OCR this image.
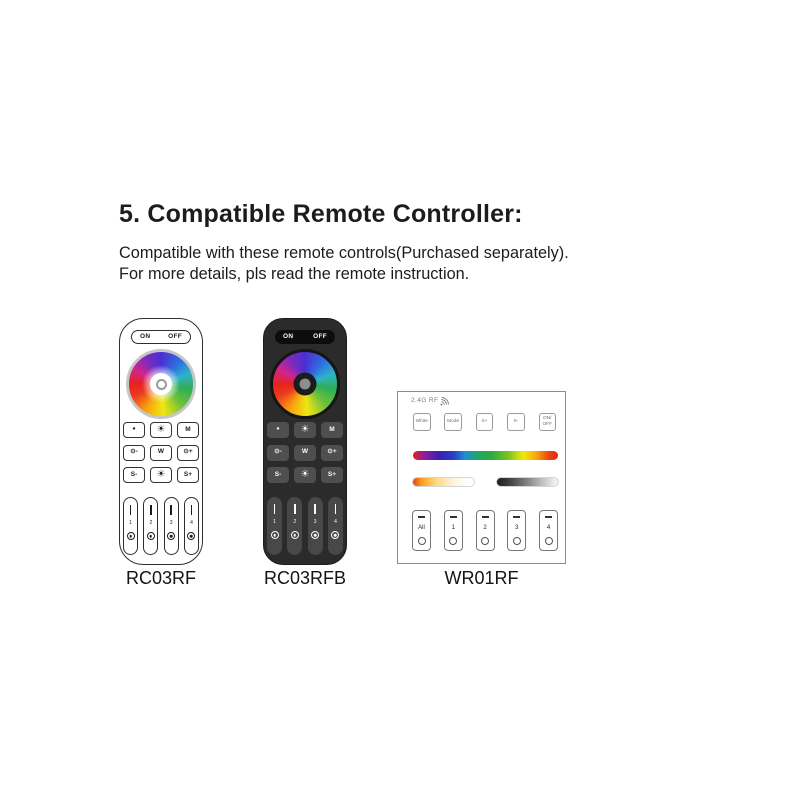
5. Compatible Remote Controller:
Compatible with these remote controls(Purchased separately).
For more details, pls read the remote instruction.
ON	OFF
●	☀	M
⊙-	W	⊙+
S-	☀	S+
1	2	3	4
ON	OFF
●	☀	M
⊙-	W	⊙+
S-	☀	S+
1	2	3	4
2.4G RF
White	Mode	S+	S-
ON/
OFF
All	1	2	3	4
RC03RF	RC03RFB	WR01RF
